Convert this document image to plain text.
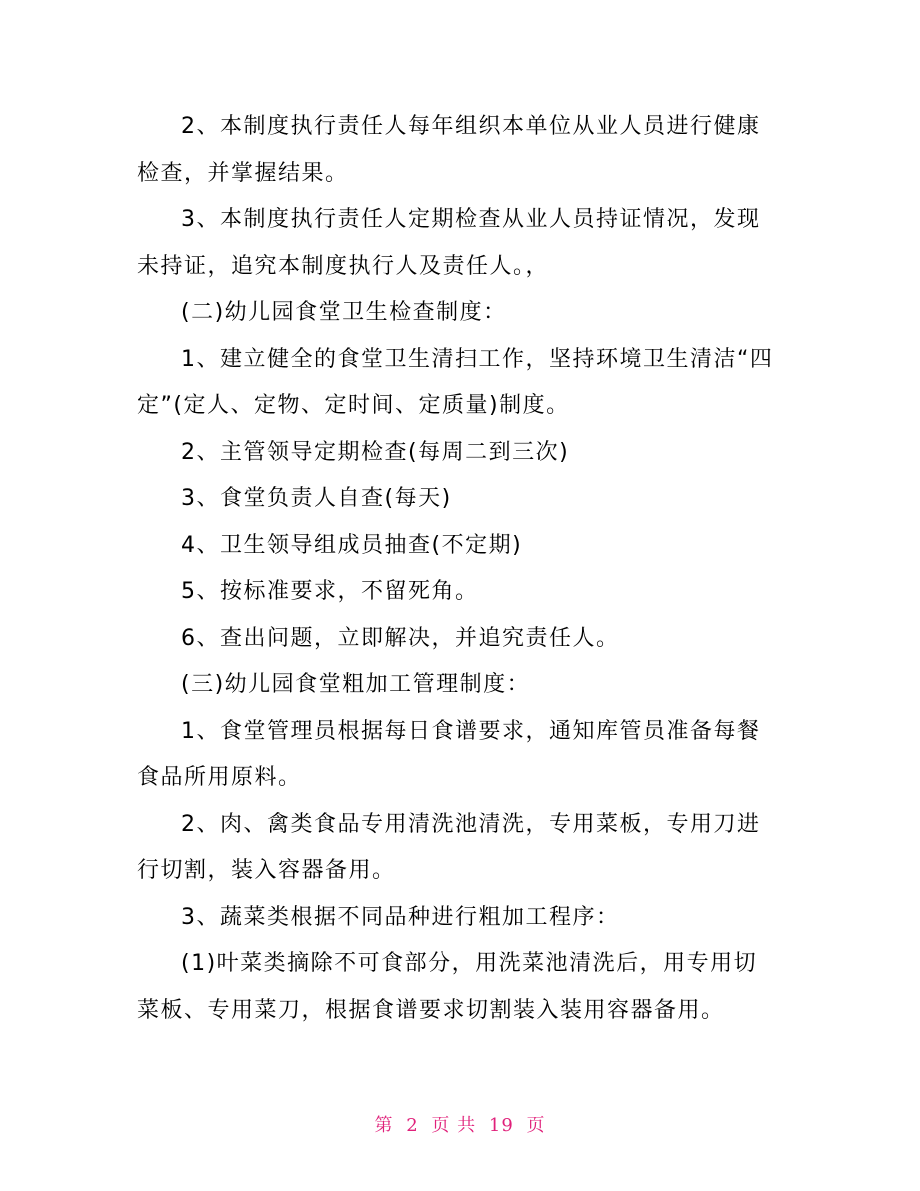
2、本制度执行责任人每年组织本单位从业人员进行健康检查，并掌握结果。

3、本制度执行责任人定期检查从业人员持证情况，发现未持证，追究本制度执行人及责任人。，

(二)幼儿园食堂卫生检查制度：

1、建立健全的食堂卫生清扫工作，坚持环境卫生清洁“四定”(定人、定物、定时间、定质量)制度。

2、主管领导定期检查(每周二到三次)

3、食堂负责人自查(每天)

4、卫生领导组成员抽查(不定期)

5、按标准要求，不留死角。

6、查出问题，立即解决，并追究责任人。

(三)幼儿园食堂粗加工管理制度：

1、食堂管理员根据每日食谱要求，通知库管员准备每餐食品所用原料。

2、肉、禽类食品专用清洗池清洗，专用菜板，专用刀进行切割，装入容器备用。

3、蔬菜类根据不同品种进行粗加工程序：

(1)叶菜类摘除不可食部分，用洗菜池清洗后，用专用切菜板、专用菜刀，根据食谱要求切割装入装用容器备用。

第 2 页 共 19 页
